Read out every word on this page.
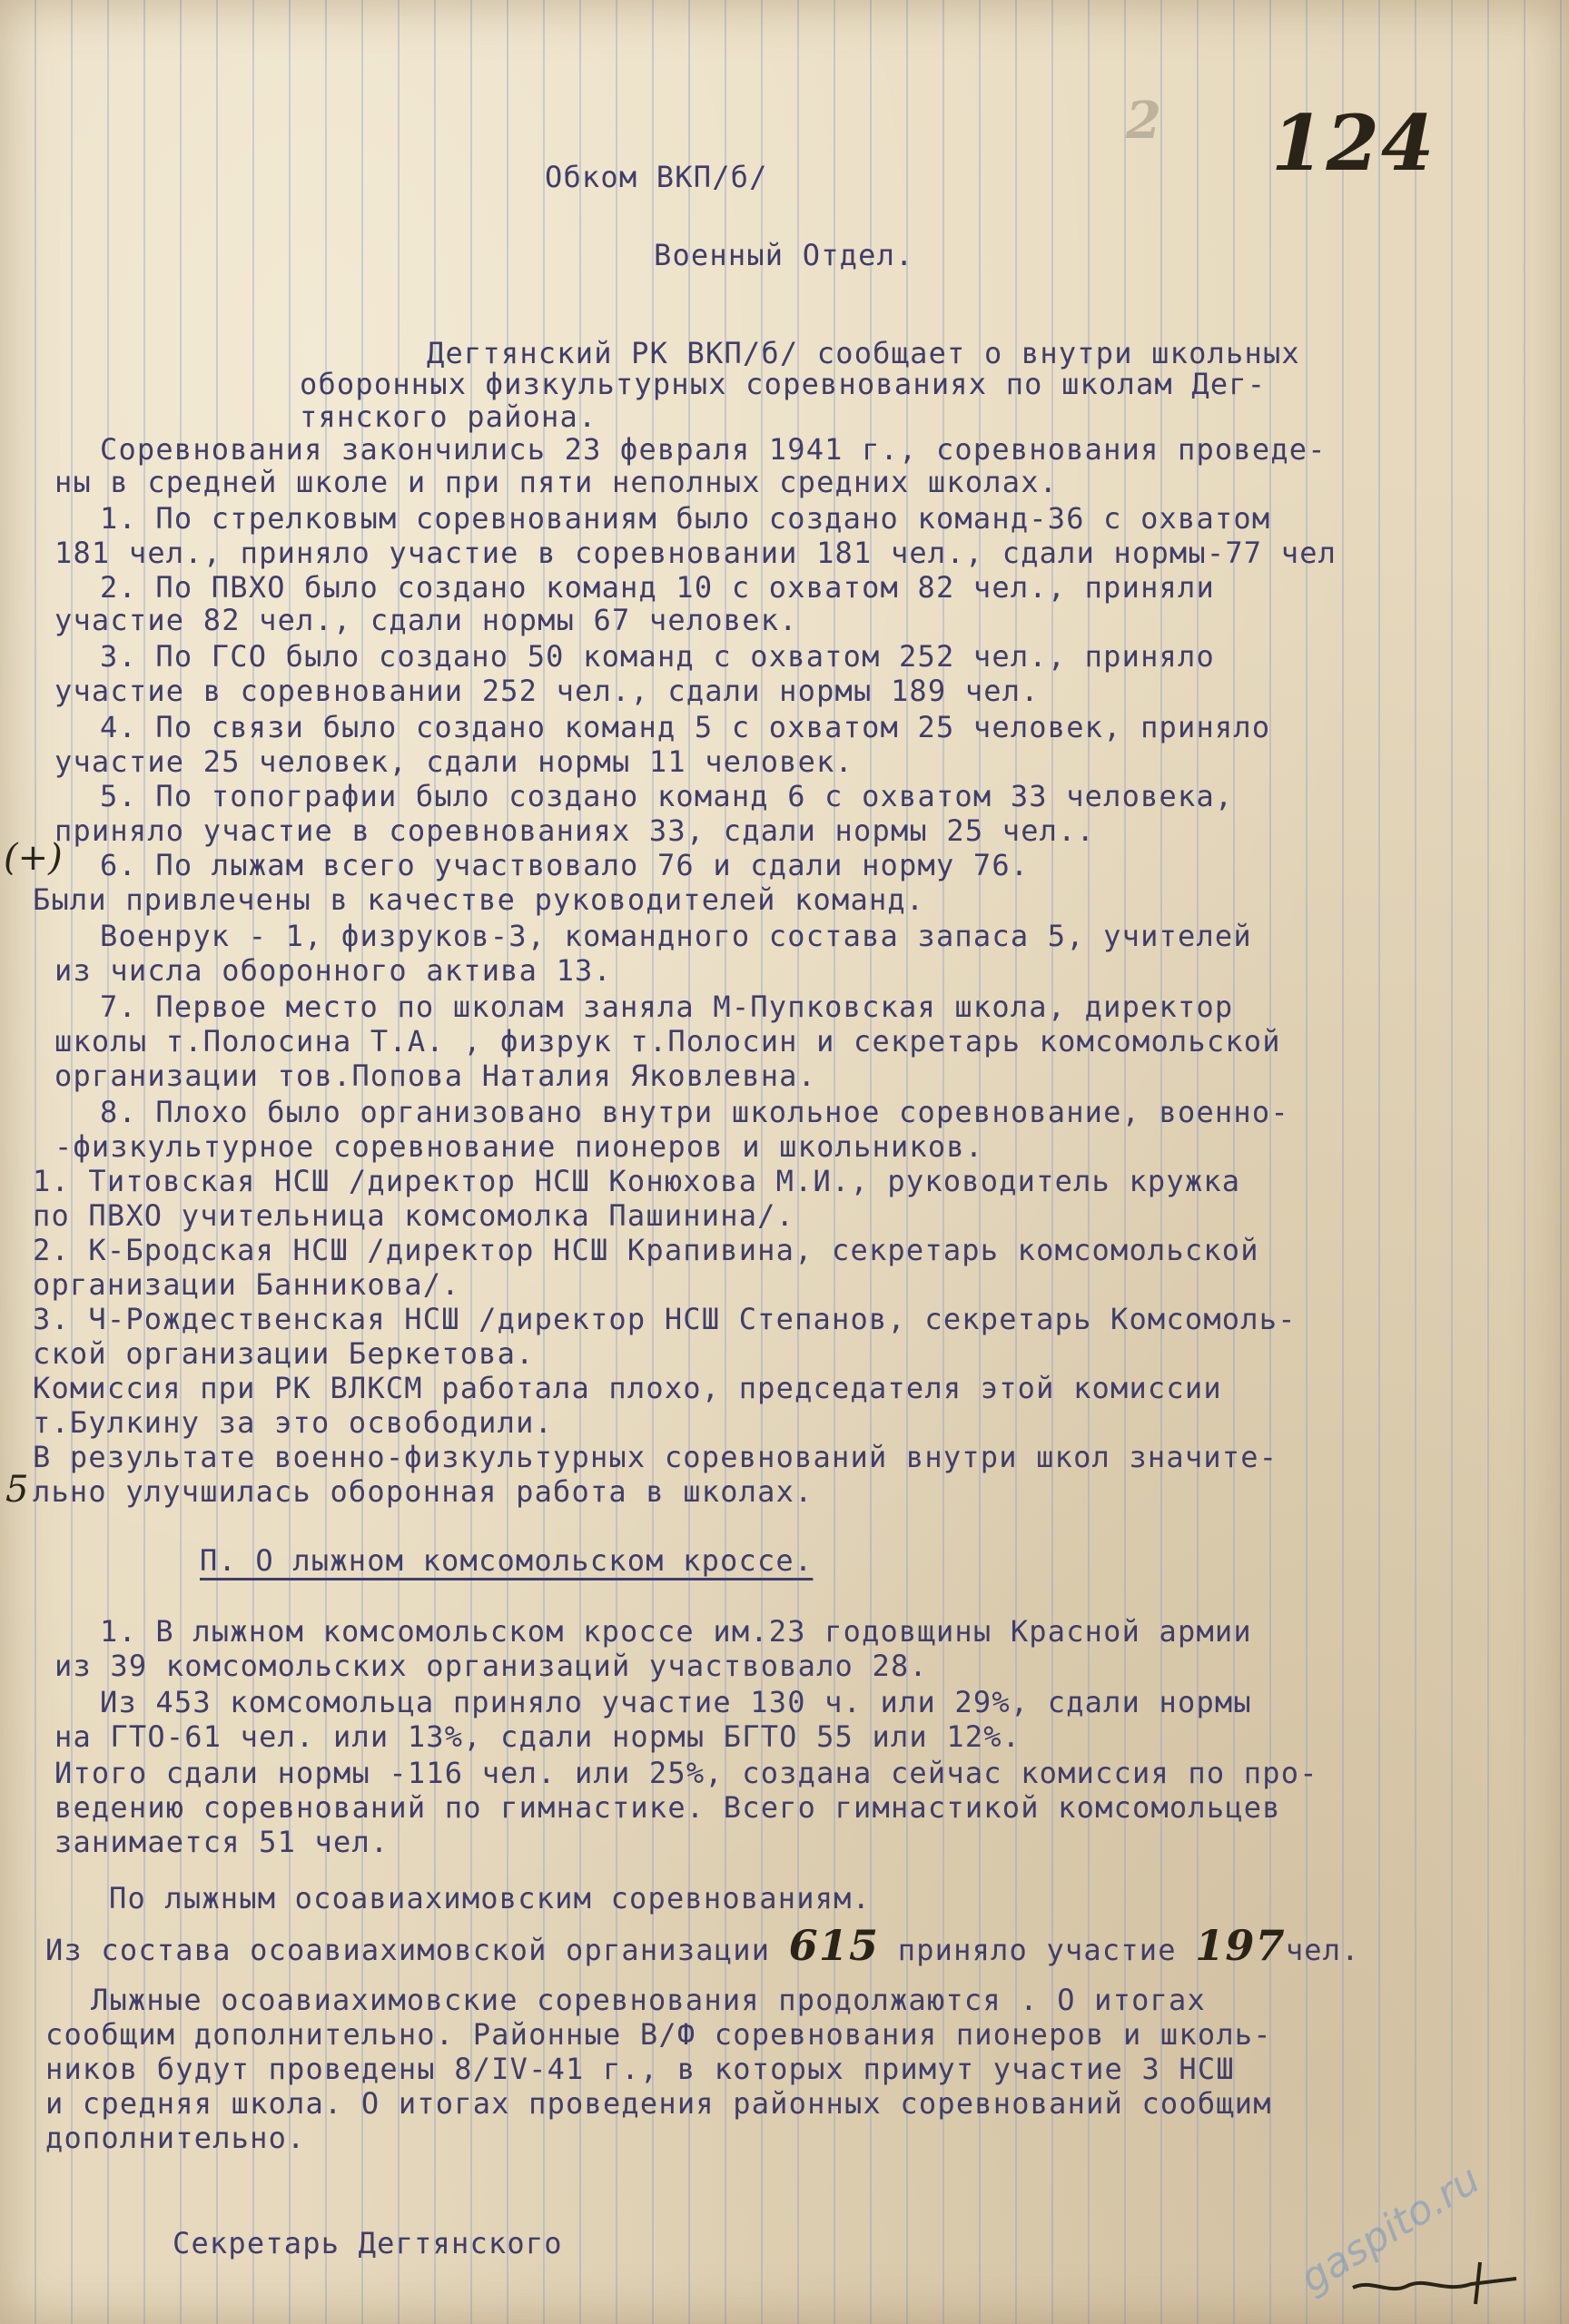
2 124

Обком ВКП/б/

Военный Отдел.

Дегтянский РК ВКП/б/ сообщает о внутри школьных

оборонных физкультурных соревнованиях по школам Дег-

тянского района.

Соревнования закончились 23 февраля 1941 г., соревнования проведе-

ны в средней школе и при пяти неполных средних школах.

1. По стрелковым соревнованиям было создано команд-36 с охватом

181 чел., приняло участие в соревновании 181 чел., сдали нормы-77 чел

2. По ПВХО было создано команд 10 с охватом 82 чел., приняли

участие 82 чел., сдали нормы 67 человек.

3. По ГСО было создано 50 команд с охватом 252 чел., приняло

участие в соревновании 252 чел., сдали нормы 189 чел.

4. По связи было создано команд 5 с охватом 25 человек, приняло

участие 25 человек, сдали нормы 11 человек.

5. По топографии было создано команд 6 с охватом 33 человека,

приняло участие в соревнованиях 33, сдали нормы 25 чел..

6. По лыжам всего участвовало 76 и сдали норму 76.

Были привлечены в качестве руководителей команд.

Военрук - 1, физруков-3, командного состава запаса 5, учителей

из числа оборонного актива 13.

7. Первое место по школам заняла М-Пупковская школа, директор

школы т.Полосина Т.А. , физрук т.Полосин и секретарь комсомольской

организации тов.Попова Наталия Яковлевна.

8. Плохо было организовано внутри школьное соревнование, военно-

-физкультурное соревнование пионеров и школьников.

1. Титовская НСШ /директор НСШ Конюхова М.И., руководитель кружка

по ПВХО учительница комсомолка Пашинина/.

2. К-Бродская НСШ /директор НСШ Крапивина, секретарь комсомольской

организации Банникова/.

3. Ч-Рождественская НСШ /директор НСШ Степанов, секретарь Комсомоль-

ской организации Беркетова.

Комиссия при РК ВЛКСМ работала плохо, председателя этой комиссии

т.Булкину за это освободили.

В результате военно-физкультурных соревнований внутри школ значите-

льно улучшилась оборонная работа в школах.

П. О лыжном комсомольском кроссе.

1. В лыжном комсомольском кроссе им.23 годовщины Красной армии

из 39 комсомольских организаций участвовало 28.

Из 453 комсомольца приняло участие 130 ч. или 29%, сдали нормы

на ГТО-61 чел. или 13%, сдали нормы БГТО 55 или 12%.

Итого сдали нормы -116 чел. или 25%, создана сейчас комиссия по про-

ведению соревнований по гимнастике. Всего гимнастикой комсомольцев

занимается 51 чел.

По лыжным осоавиахимовским соревнованиям.

Из состава осоавиахимовской организации 615 приняло участие 197чел.

Лыжные осоавиахимовские соревнования продолжаются . О итогах

сообщим дополнительно. Районные В/Ф соревнования пионеров и школь-

ников будут проведены 8/IV-41 г., в которых примут участие 3 НСШ

и средняя школа. О итогах проведения районных соревнований сообщим

дополнительно.

Секретарь Дегтянского

(+)
5
gaspito.ru
